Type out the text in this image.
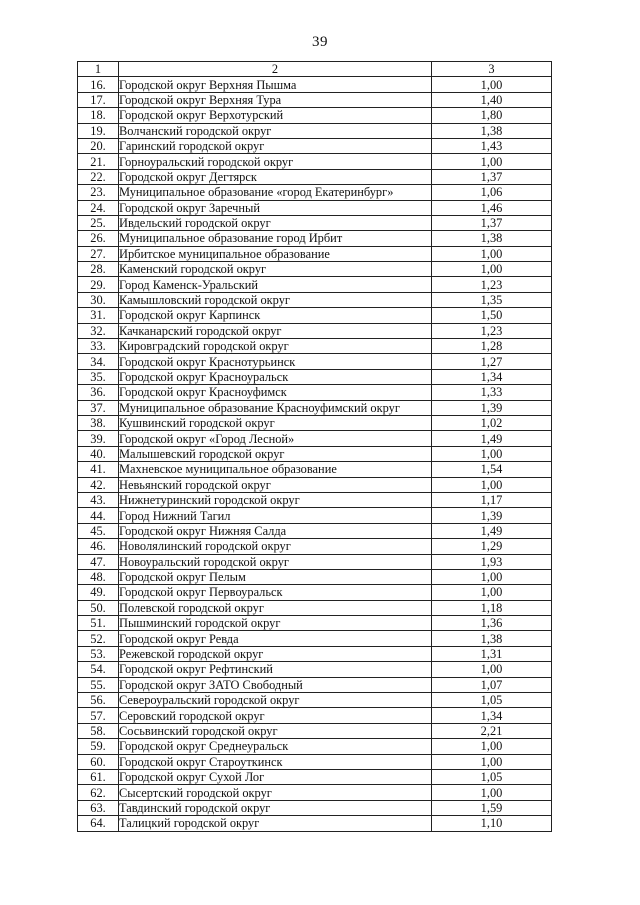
39
1	2	3
16.	Городской округ Верхняя Пышма	1,00
17.	Городской округ Верхняя Тура	1,40
18.	Городской округ Верхотурский	1,80
19.	Волчанский городской округ	1,38
20.	Гаринский городской округ	1,43
21.	Горноуральский городской округ	1,00
22.	Городской округ Дегтярск	1,37
23.	Муниципальное образование «город Екатеринбург»	1,06
24.	Городской округ Заречный	1,46
25.	Ивдельский городской округ	1,37
26.	Муниципальное образование город Ирбит	1,38
27.	Ирбитское муниципальное образование	1,00
28.	Каменский городской округ	1,00
29.	Город Каменск-Уральский	1,23
30.	Камышловский городской округ	1,35
31.	Городской округ Карпинск	1,50
32.	Качканарский городской округ	1,23
33.	Кировградский городской округ	1,28
34.	Городской округ Краснотурьинск	1,27
35.	Городской округ Красноуральск	1,34
36.	Городской округ Красноуфимск	1,33
37.	Муниципальное образование Красноуфимский округ	1,39
38.	Кушвинский городской округ	1,02
39.	Городской округ «Город Лесной»	1,49
40.	Малышевский городской округ	1,00
41.	Махневское муниципальное образование	1,54
42.	Невьянский городской округ	1,00
43.	Нижнетуринский городской округ	1,17
44.	Город Нижний Тагил	1,39
45.	Городской округ Нижняя Салда	1,49
46.	Новолялинский городской округ	1,29
47.	Новоуральский городской округ	1,93
48.	Городской округ Пелым	1,00
49.	Городской округ Первоуральск	1,00
50.	Полевской городской округ	1,18
51.	Пышминский городской округ	1,36
52.	Городской округ Ревда	1,38
53.	Режевской городской округ	1,31
54.	Городской округ Рефтинский	1,00
55.	Городской округ ЗАТО Свободный	1,07
56.	Североуральский городской округ	1,05
57.	Серовский городской округ	1,34
58.	Сосьвинский городской округ	2,21
59.	Городской округ Среднеуральск	1,00
60.	Городской округ Староуткинск	1,00
61.	Городской округ Сухой Лог	1,05
62.	Сысертский городской округ	1,00
63.	Тавдинский городской округ	1,59
64.	Талицкий городской округ	1,10
